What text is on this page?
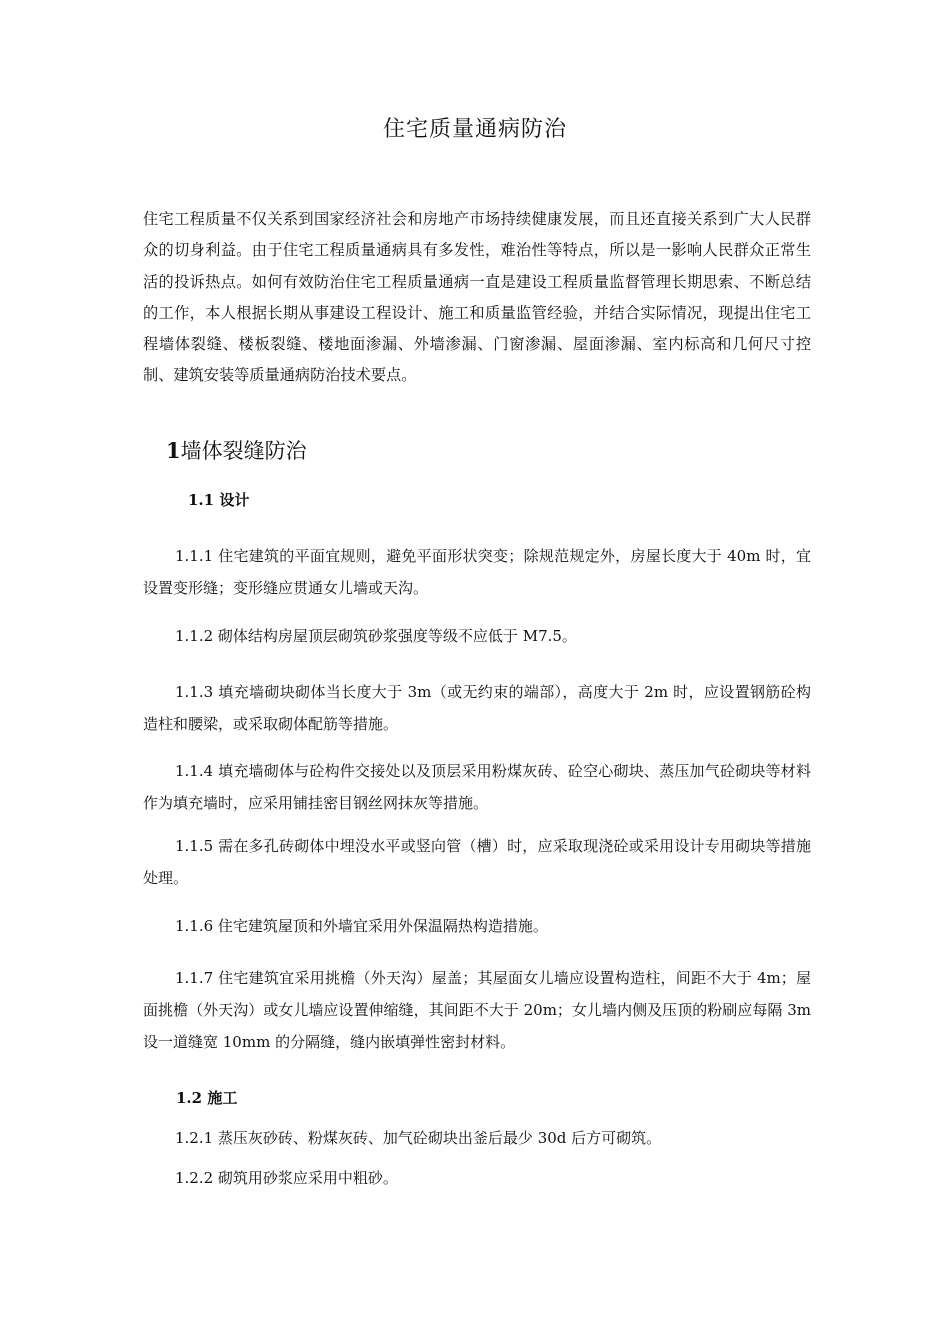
住宅质量通病防治

住宅工程质量不仅关系到国家经济社会和房地产市场持续健康发展，而且还直接关系到广大人民群众的切身利益。由于住宅工程质量通病具有多发性，难治性等特点，所以是一影响人民群众正常生活的投诉热点。如何有效防治住宅工程质量通病一直是建设工程质量监督管理长期思索、不断总结的工作，本人根据长期从事建设工程设计、施工和质量监管经验，并结合实际情况，现提出住宅工程墙体裂缝、楼板裂缝、楼地面渗漏、外墙渗漏、门窗渗漏、屋面渗漏、室内标高和几何尺寸控制、建筑安装等质量通病防治技术要点。

1墙体裂缝防治
1.1 设计

1.1.1 住宅建筑的平面宜规则，避免平面形状突变；除规范规定外，房屋长度大于 40m 时，宜设置变形缝；变形缝应贯通女儿墙或天沟。

1.1.2 砌体结构房屋顶层砌筑砂浆强度等级不应低于 M7.5。

1.1.3 填充墙砌块砌体当长度大于 3m（或无约束的端部），高度大于 2m 时，应设置钢筋砼构造柱和腰梁，或采取砌体配筋等措施。

1.1.4 填充墙砌体与砼构件交接处以及顶层采用粉煤灰砖、砼空心砌块、蒸压加气砼砌块等材料作为填充墙时，应采用铺挂密目钢丝网抹灰等措施。

1.1.5 需在多孔砖砌体中埋没水平或竖向管（槽）时，应采取现浇砼或采用设计专用砌块等措施处理。

1.1.6 住宅建筑屋顶和外墙宜采用外保温隔热构造措施。

1.1.7 住宅建筑宜采用挑檐（外天沟）屋盖；其屋面女儿墙应设置构造柱，间距不大于 4m；屋面挑檐（外天沟）或女儿墙应设置伸缩缝，其间距不大于 20m；女儿墙内侧及压顶的粉刷应每隔 3m 设一道缝宽 10mm 的分隔缝，缝内嵌填弹性密封材料。

1.2 施工

1.2.1 蒸压灰砂砖、粉煤灰砖、加气砼砌块出釜后最少 30d 后方可砌筑。

1.2.2 砌筑用砂浆应采用中粗砂。
